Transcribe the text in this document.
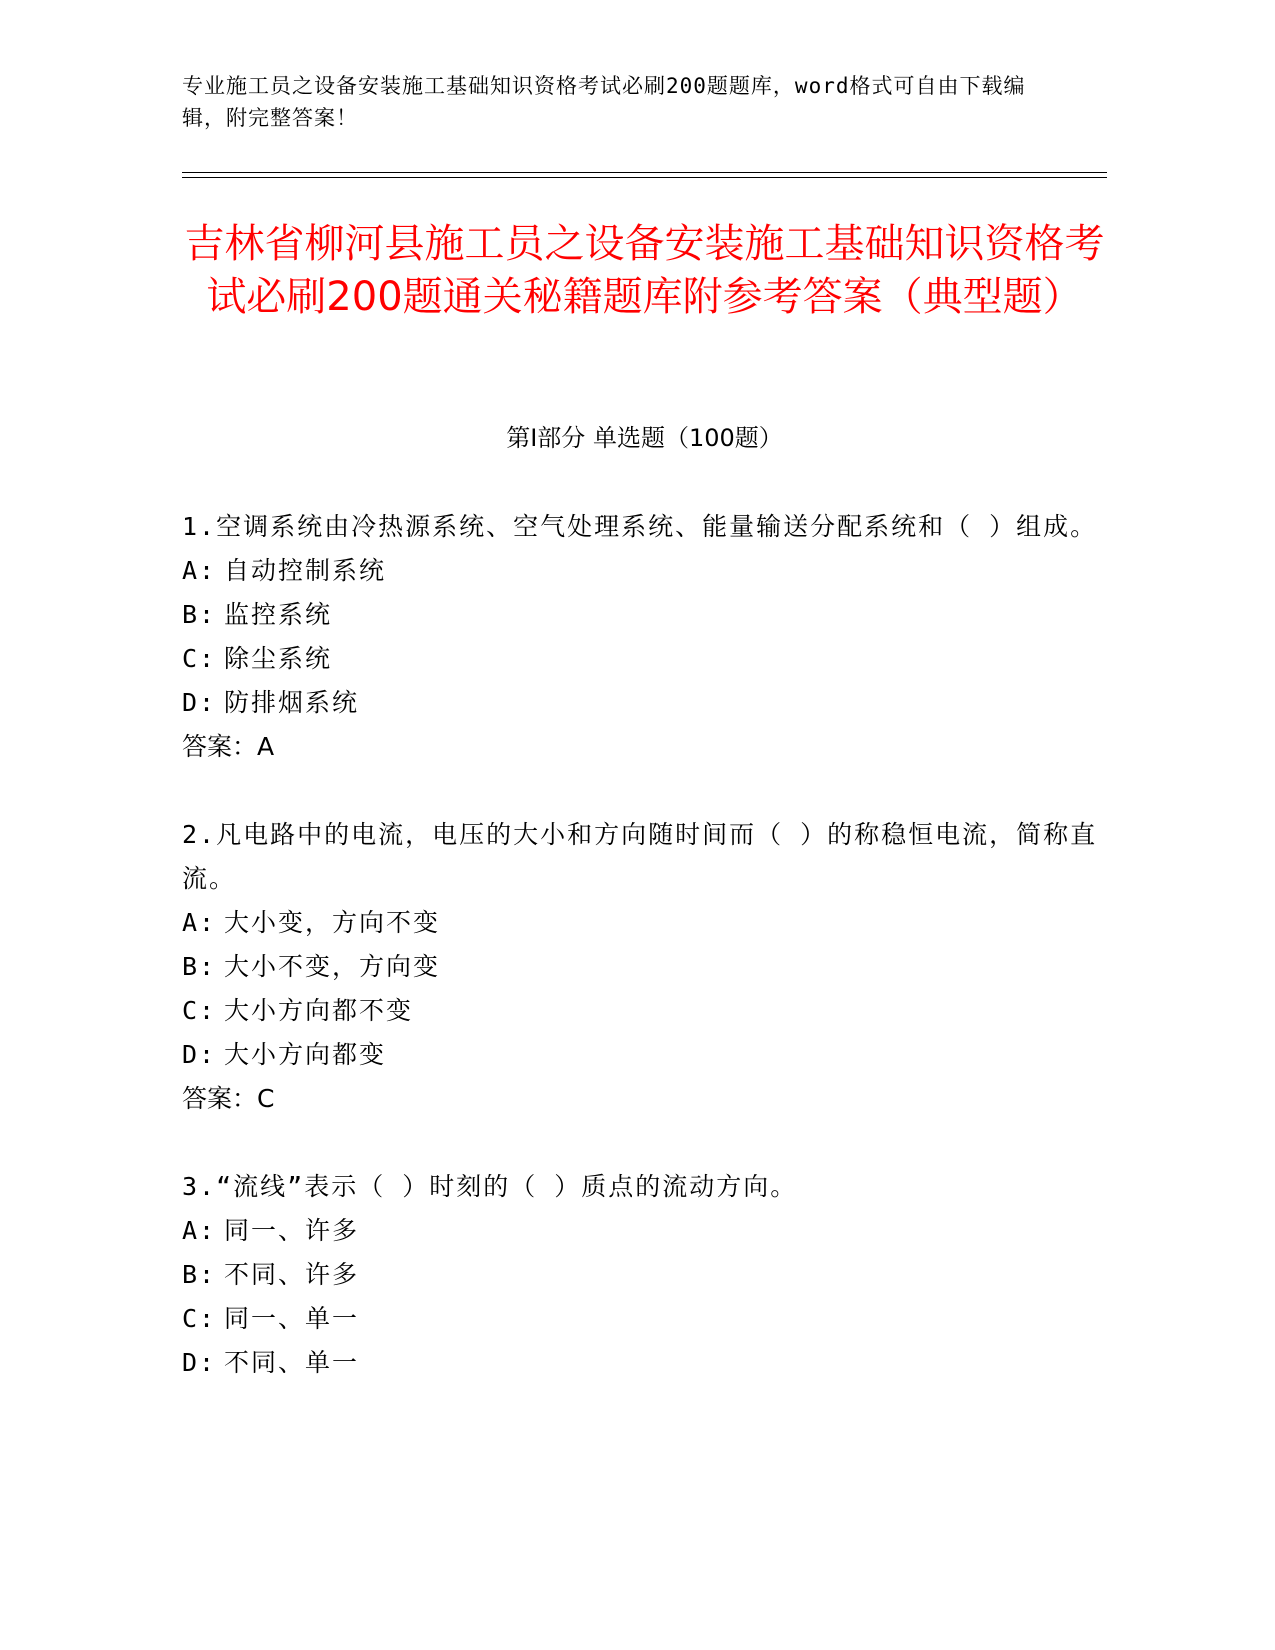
专业施工员之设备安装施工基础知识资格考试必刷200题题库，word格式可自由下载编辑，附完整答案！
吉林省柳河县施工员之设备安装施工基础知识资格考试必刷200题通关秘籍题库附参考答案（典型题）
第I部分 单选题（100题）

1.空调系统由冷热源系统、空气处理系统、能量输送分配系统和（ ）组成。

A: 自动控制系统

B: 监控系统

C: 除尘系统

D: 防排烟系统

答案：A

2.凡电路中的电流，电压的大小和方向随时间而（ ）的称稳恒电流，简称直流。

A: 大小变，方向不变

B: 大小不变，方向变

C: 大小方向都不变

D: 大小方向都变

答案：C

3.“流线”表示（ ）时刻的（ ）质点的流动方向。

A: 同一、许多

B: 不同、许多

C: 同一、单一

D: 不同、单一
